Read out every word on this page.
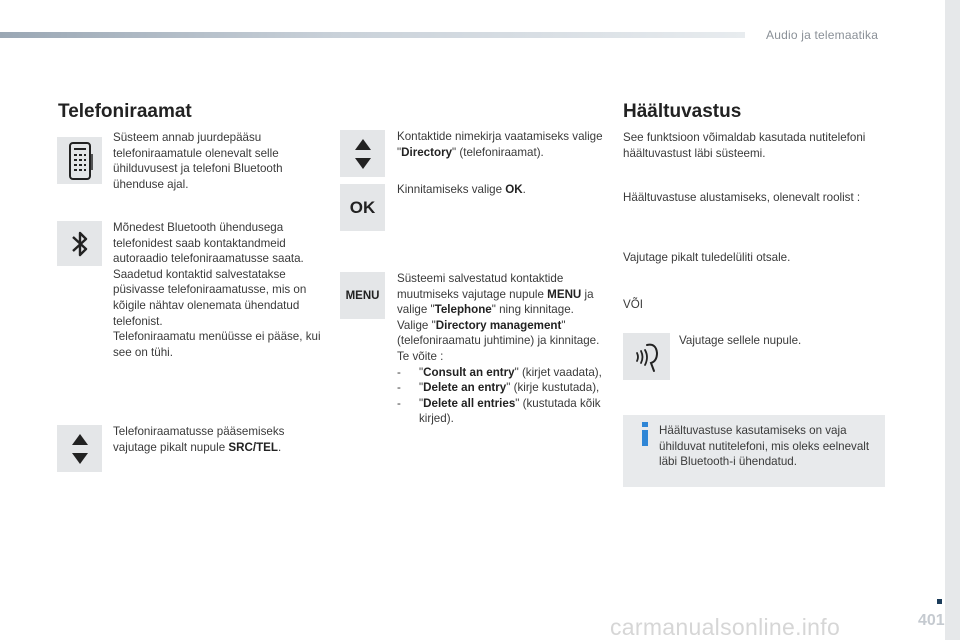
Audio ja telemaatika
Telefoniraamat
Süsteem annab juurdepääsu telefoniraamatule olenevalt selle ühilduvusest ja telefoni Bluetooth ühenduse ajal.
Mõnedest Bluetooth ühendusega telefonidest saab kontaktandmeid autoraadio telefoniraamatusse saata. Saadetud kontaktid salvestatakse püsivasse telefoniraamatusse, mis on kõigile nähtav olenemata ühendatud telefonist.
Telefoniraamatu menüüsse ei pääse, kui see on tühi.
Telefoniraamatusse pääsemiseks vajutage pikalt nupule SRC/TEL.
Kontaktide nimekirja vaatamiseks valige "Directory" (telefoniraamat).
OK
Kinnitamiseks valige OK.
MENU
Süsteemi salvestatud kontaktide muutmiseks vajutage nupule MENU ja valige "Telephone" ning kinnitage. Valige "Directory management" (telefoniraamatu juhtimine) ja kinnitage.
Te võite :
- "Consult an entry" (kirjet vaadata),
- "Delete an entry" (kirje kustutada),
- "Delete all entries" (kustutada kõik kirjed).
Häältuvastus
See funktsioon võimaldab kasutada nutitelefoni häältuvastust läbi süsteemi.
Häältuvastuse alustamiseks, olenevalt roolist :
Vajutage pikalt tuledelüliti otsale.
VÕI
Vajutage sellele nupule.
Häältuvastuse kasutamiseks on vaja ühilduvat nutitelefoni, mis oleks eelnevalt läbi Bluetooth-i ühendatud.
carmanualsonline.info	401
